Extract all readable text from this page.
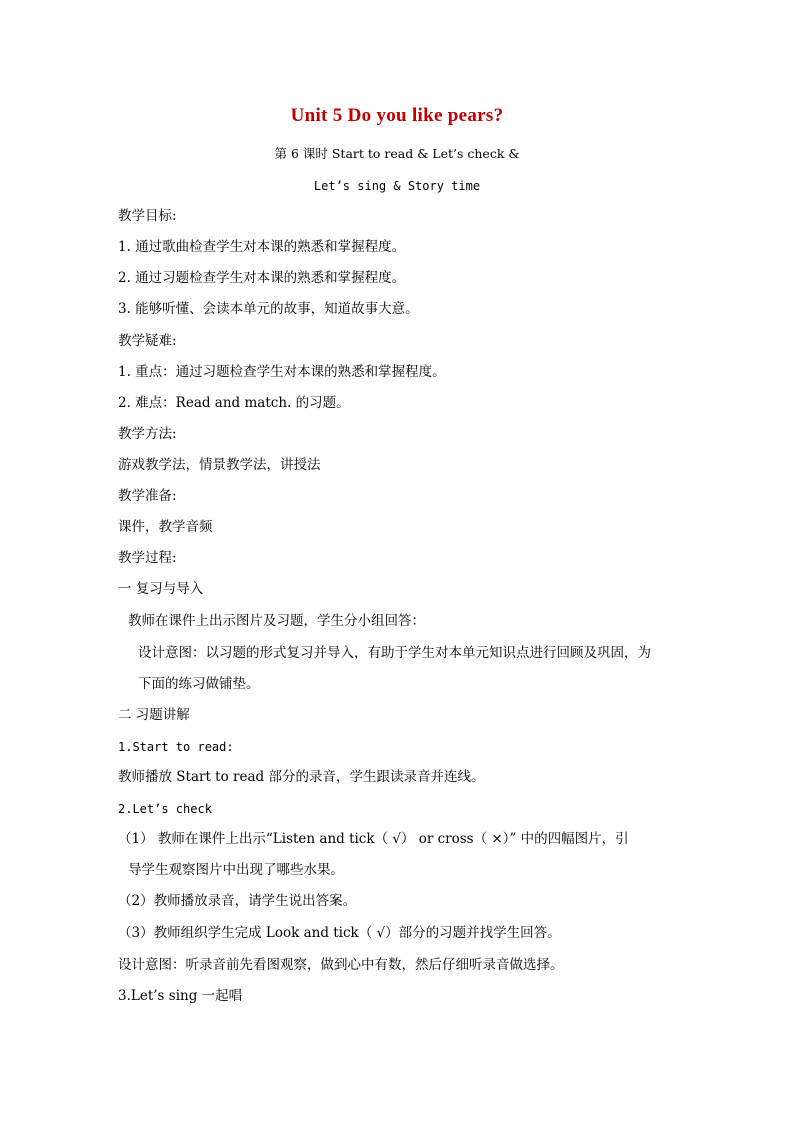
Unit 5 Do you like pears?
第 6 课时 Start to read & Let’s check &
Let’s sing & Story time
教学目标:
1. 通过歌曲检查学生对本课的熟悉和掌握程度。
2. 通过习题检查学生对本课的熟悉和掌握程度。
3. 能够听懂、会读本单元的故事，知道故事大意。
教学疑难:
1. 重点：通过习题检查学生对本课的熟悉和掌握程度。
2. 难点：Read and match. 的习题。
教学方法:
游戏教学法，情景教学法，讲授法
教学准备:
课件，教学音频
教学过程:
一 复习与导入
教师在课件上出示图片及习题，学生分小组回答：
设计意图：以习题的形式复习并导入，有助于学生对本单元知识点进行回顾及巩固，为
下面的练习做铺垫。
二 习题讲解
1.Start to read:
教师播放 Start to read 部分的录音，学生跟读录音并连线。
2.Let’s check
（1） 教师在课件上出示“Listen and tick（ √） or cross（ ×）” 中的四幅图片，引
导学生观察图片中出现了哪些水果。
（2）教师播放录音，请学生说出答案。
（3）教师组织学生完成 Look and tick（ √）部分的习题并找学生回答。
设计意图：听录音前先看图观察，做到心中有数，然后仔细听录音做选择。
3.Let’s sing 一起唱
